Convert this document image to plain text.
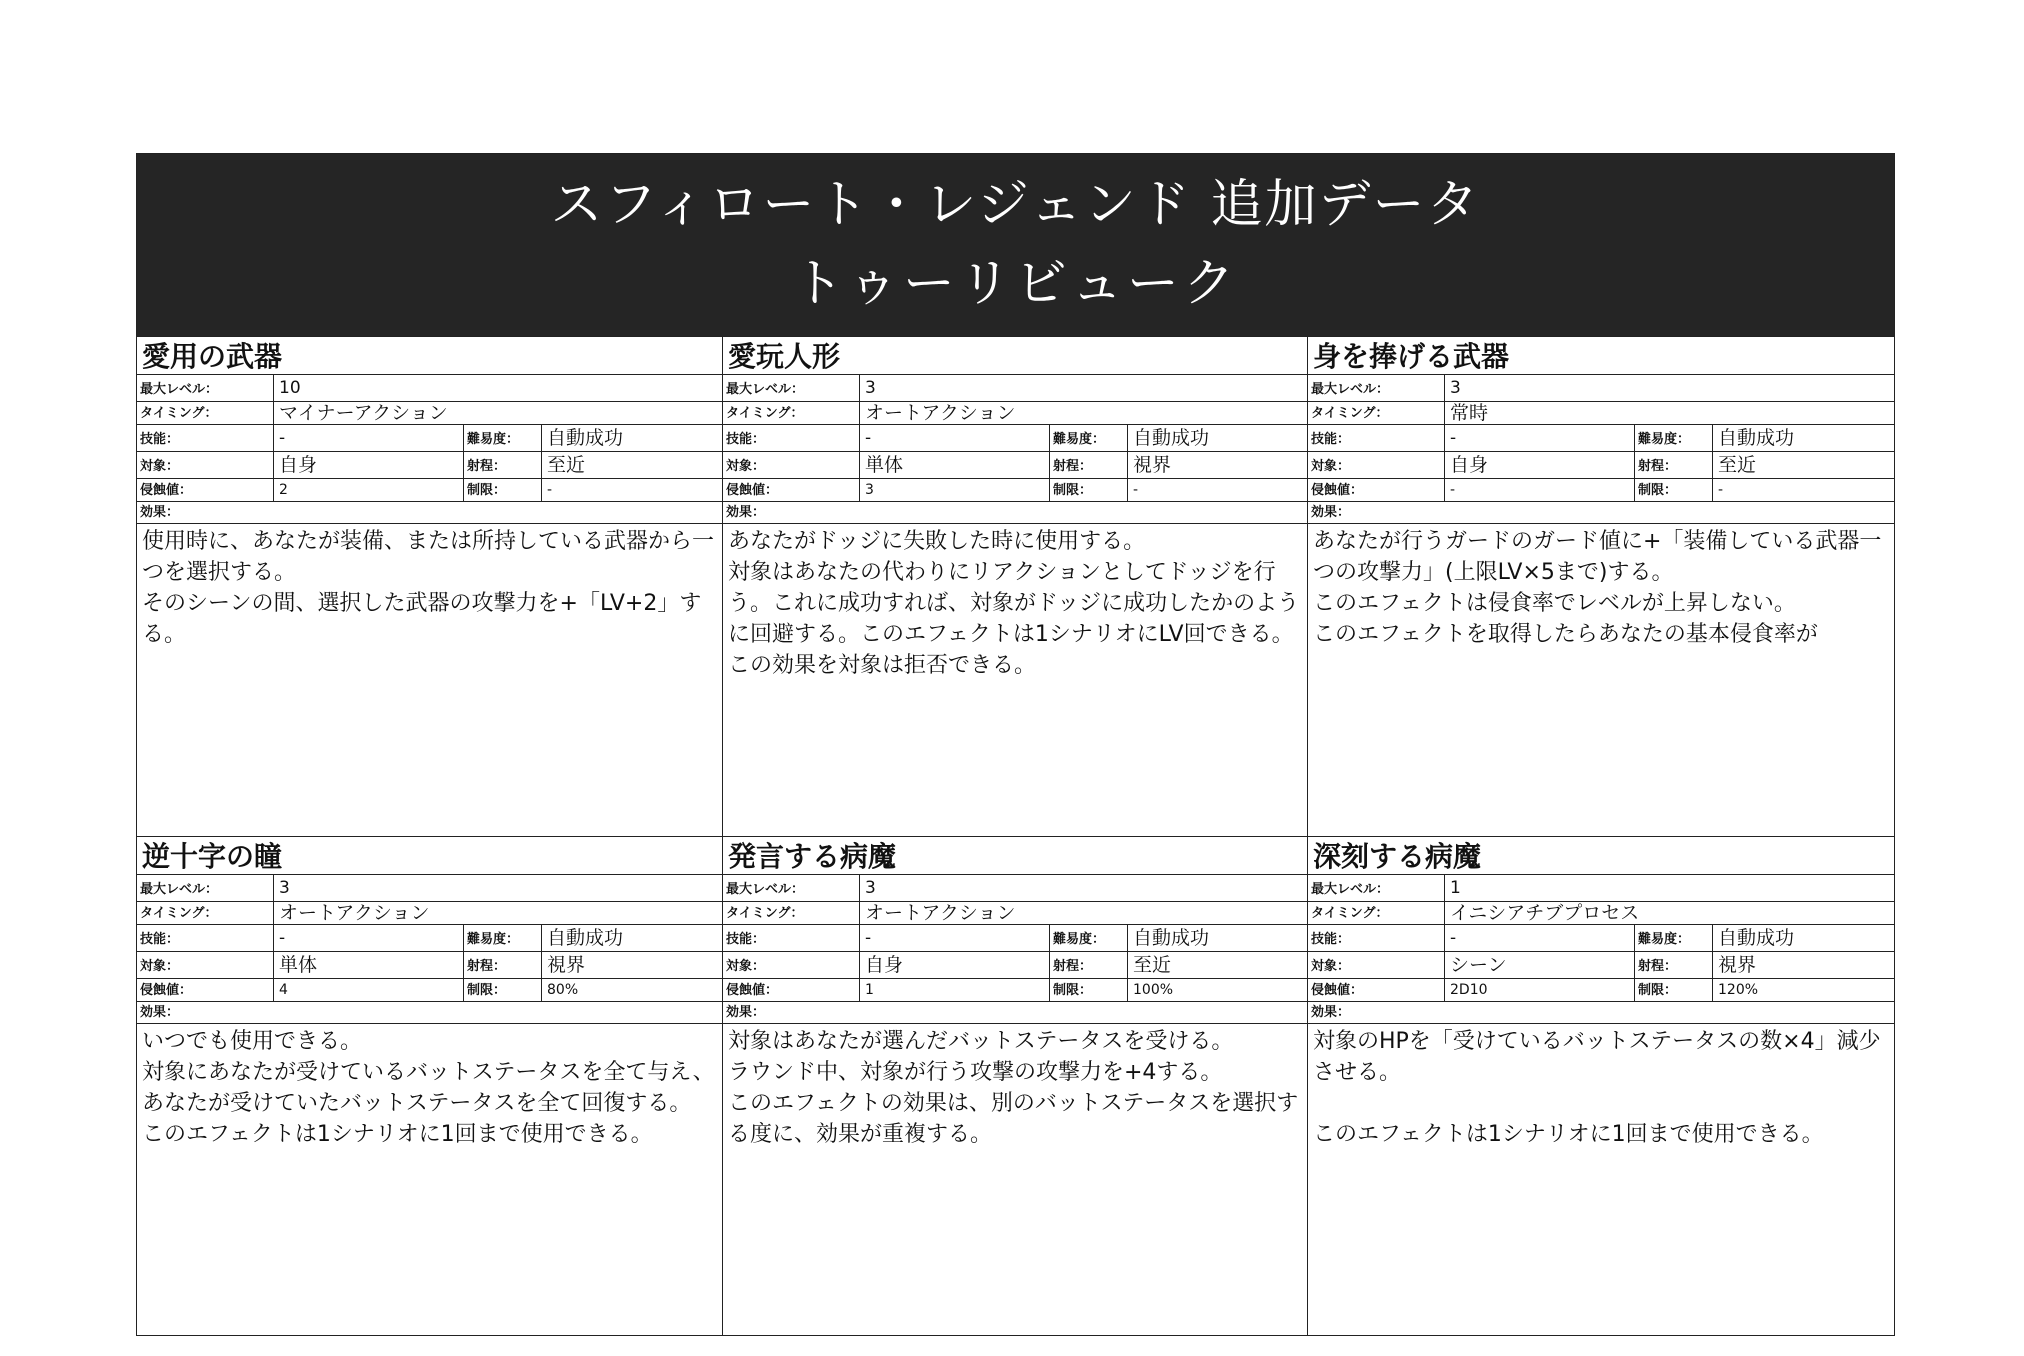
スフィロート・レジェンド 追加データ
トゥーリビューク
愛用の武器
最大レベル：	10
タイミング：	マイナーアクション
技能：	-	難易度：	自動成功
対象：	自身	射程：	至近
侵蝕値：	2	制限：	-
効果：

使用時に、あなたが装備、または所持している武器から一つを選択する。

そのシーンの間、選択した武器の攻撃力を+「LV+2」する。

愛玩人形
最大レベル：	3
タイミング：	オートアクション
技能：	-	難易度：	自動成功
対象：	単体	射程：	視界
侵蝕値：	3	制限：	-
効果：

あなたがドッジに失敗した時に使用する。

対象はあなたの代わりにリアクションとしてドッジを行う。これに成功すれば、対象がドッジに成功したかのように回避する。このエフェクトは1シナリオにLV回できる。

この効果を対象は拒否できる。

身を捧げる武器
最大レベル：	3
タイミング：	常時
技能：	-	難易度：	自動成功
対象：	自身	射程：	至近
侵蝕値：	-	制限：	-
効果：

あなたが行うガードのガード値に+「装備している武器一つの攻撃力」(上限LV×5まで)する。

このエフェクトは侵食率でレベルが上昇しない。

このエフェクトを取得したらあなたの基本侵食率が

逆十字の瞳
最大レベル：	3
タイミング：	オートアクション
技能：	-	難易度：	自動成功
対象：	単体	射程：	視界
侵蝕値：	4	制限：	80%
効果：

いつでも使用できる。

対象にあなたが受けているバットステータスを全て与え、あなたが受けていたバットステータスを全て回復する。

このエフェクトは1シナリオに1回まで使用できる。

発言する病魔
最大レベル：	3
タイミング：	オートアクション
技能：	-	難易度：	自動成功
対象：	自身	射程：	至近
侵蝕値：	1	制限：	100%
効果：

対象はあなたが選んだバットステータスを受ける。

ラウンド中、対象が行う攻撃の攻撃力を+4する。

このエフェクトの効果は、別のバットステータスを選択する度に、効果が重複する。

深刻する病魔
最大レベル：	1
タイミング：	イニシアチブプロセス
技能：	-	難易度：	自動成功
対象：	シーン	射程：	視界
侵蝕値：	2D10	制限：	120%
効果：

対象のHPを「受けているバットステータスの数×4」減少させる。

このエフェクトは1シナリオに1回まで使用できる。
